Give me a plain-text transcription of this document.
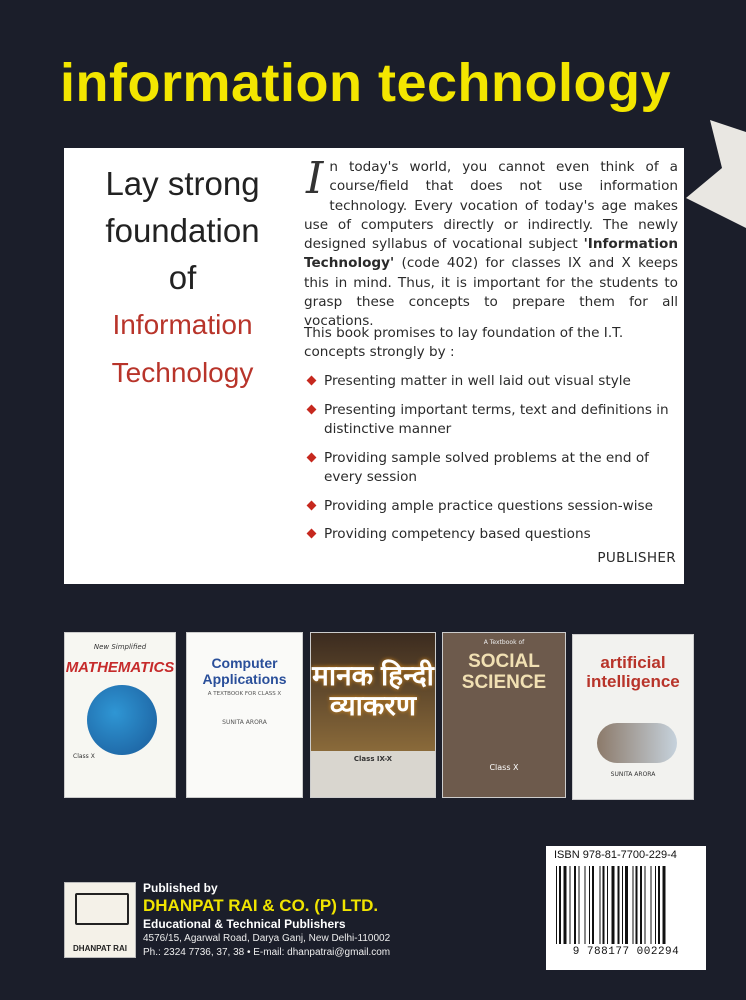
information technology
Lay strong
foundation
of
Information
Technology
In today's world, you cannot even think of a course/field that does not use information technology. Every vocation of today's age makes use of computers directly or indirectly. The newly designed syllabus of vocational subject 'Information Technology' (code 402) for classes IX and X keeps this in mind. Thus, it is important for the students to grasp these concepts to prepare them for all vocations.
This book promises to lay foundation of the I.T. concepts strongly by :
Presenting matter in well laid out visual style
Presenting important terms, text and definitions in distinctive manner
Providing sample solved problems at the end of every session
Providing ample practice questions session-wise
Providing competency based questions
PUBLISHER
New Simplified
MATHEMATICS
Class X
Computer Applications
A TEXTBOOK FOR CLASS X
SUNITA ARORA
मानक हिन्दी व्याकरण
Class IX-X
A Textbook of
SOCIAL SCIENCE
Class X
artificial intelligence
SUNITA ARORA
ISBN 978-81-7700-229-4
9 788177 002294
DHANPAT RAI
Published by
DHANPAT RAI & CO. (P) LTD.
Educational & Technical Publishers
4576/15, Agarwal Road, Darya Ganj, New Delhi-110002
Ph.: 2324 7736, 37, 38 • E-mail: dhanpatrai@gmail.com
